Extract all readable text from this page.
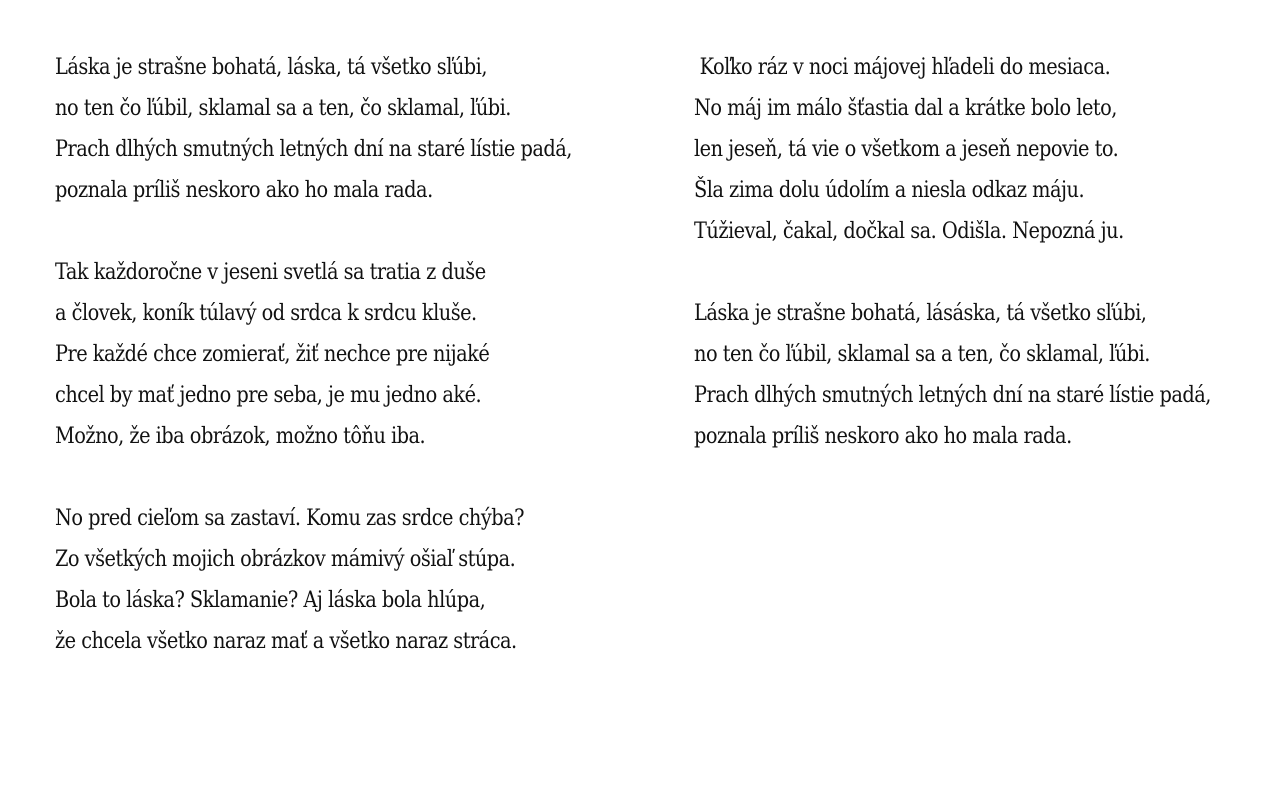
Láska je strašne bohatá, láska, tá všetko sľúbi,
no ten čo ľúbil, sklamal sa a ten, čo sklamal, ľúbi.
Prach dlhých smutných letných dní na staré lístie padá,
poznala príliš neskoro ako ho mala rada.
Tak každoročne v jeseni svetlá sa tratia z duše
a človek, koník túlavý od srdca k srdcu kluše.
Pre každé chce zomierať, žiť nechce pre nijaké
chcel by mať jedno pre seba, je mu jedno aké.
Možno, že iba obrázok, možno tôňu iba.
No pred cieľom sa zastaví. Komu zas srdce chýba?
Zo všetkých mojich obrázkov mámivý ošiaľ stúpa.
Bola to láska? Sklamanie? Aj láska bola hlúpa,
že chcela všetko naraz mať a všetko naraz stráca.
Koľko ráz v noci májovej hľadeli do mesiaca.
No máj im málo šťastia dal a krátke bolo leto,
len jeseň, tá vie o všetkom a jeseň nepovie to.
Šla zima dolu údolím a niesla odkaz máju.
Túžieval, čakal, dočkal sa. Odišla. Nepozná ju.
Láska je strašne bohatá, lásáska, tá všetko sľúbi,
no ten čo ľúbil, sklamal sa a ten, čo sklamal, ľúbi.
Prach dlhých smutných letných dní na staré lístie padá,
poznala príliš neskoro ako ho mala rada.
